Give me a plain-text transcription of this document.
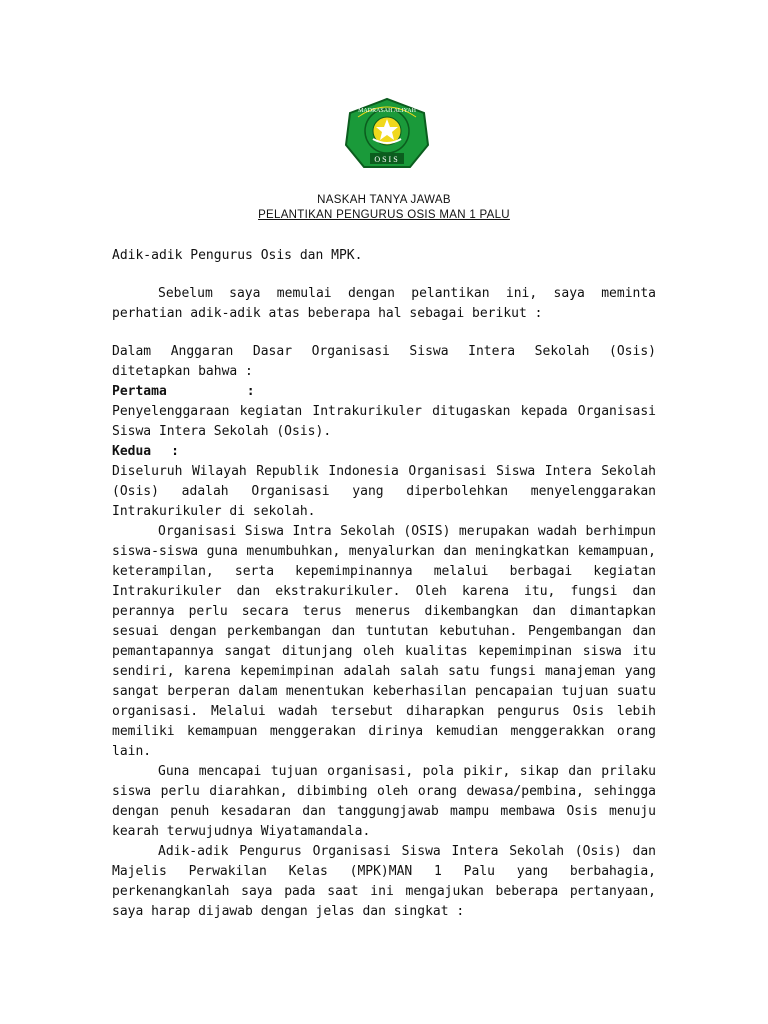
MADRASAH ALIYAH
OSIS
NASKAH TANYA JAWAB
PELANTIKAN PENGURUS OSIS MAN 1 PALU

Adik-adik Pengurus Osis dan MPK.

Sebelum saya memulai dengan pelantikan ini, saya meminta perhatian adik-adik atas beberapa hal sebagai berikut :

Dalam Anggaran Dasar Organisasi Siswa Intera Sekolah (Osis) ditetapkan bahwa :

Pertama	:

Penyelenggaraan kegiatan Intrakurikuler ditugaskan kepada Organisasi Siswa Intera Sekolah (Osis).

Kedua :

Diseluruh Wilayah Republik Indonesia Organisasi Siswa Intera Sekolah (Osis) adalah Organisasi yang diperbolehkan menyelenggarakan Intrakurikuler di sekolah.

Organisasi Siswa Intra Sekolah (OSIS) merupakan wadah berhimpun siswa-siswa guna menumbuhkan, menyalurkan dan meningkatkan kemampuan, keterampilan, serta kepemimpinannya melalui berbagai kegiatan Intrakurikuler dan ekstrakurikuler. Oleh karena itu, fungsi dan perannya perlu secara terus menerus dikembangkan dan dimantapkan sesuai dengan perkembangan dan tuntutan kebutuhan. Pengembangan dan pemantapannya sangat ditunjang oleh kualitas kepemimpinan siswa itu sendiri, karena kepemimpinan adalah salah satu fungsi manajeman yang sangat berperan dalam menentukan keberhasilan pencapaian tujuan suatu organisasi. Melalui wadah tersebut diharapkan pengurus Osis lebih memiliki kemampuan menggerakan dirinya kemudian menggerakkan orang lain.

Guna mencapai tujuan organisasi, pola pikir, sikap dan prilaku siswa perlu diarahkan, dibimbing oleh orang dewasa/pembina, sehingga dengan penuh kesadaran dan tanggungjawab mampu membawa Osis menuju kearah terwujudnya Wiyatamandala.

Adik-adik Pengurus Organisasi Siswa Intera Sekolah (Osis) dan Majelis Perwakilan Kelas (MPK)MAN 1 Palu yang berbahagia, perkenangkanlah saya pada saat ini mengajukan beberapa pertanyaan, saya harap dijawab dengan jelas dan singkat :
